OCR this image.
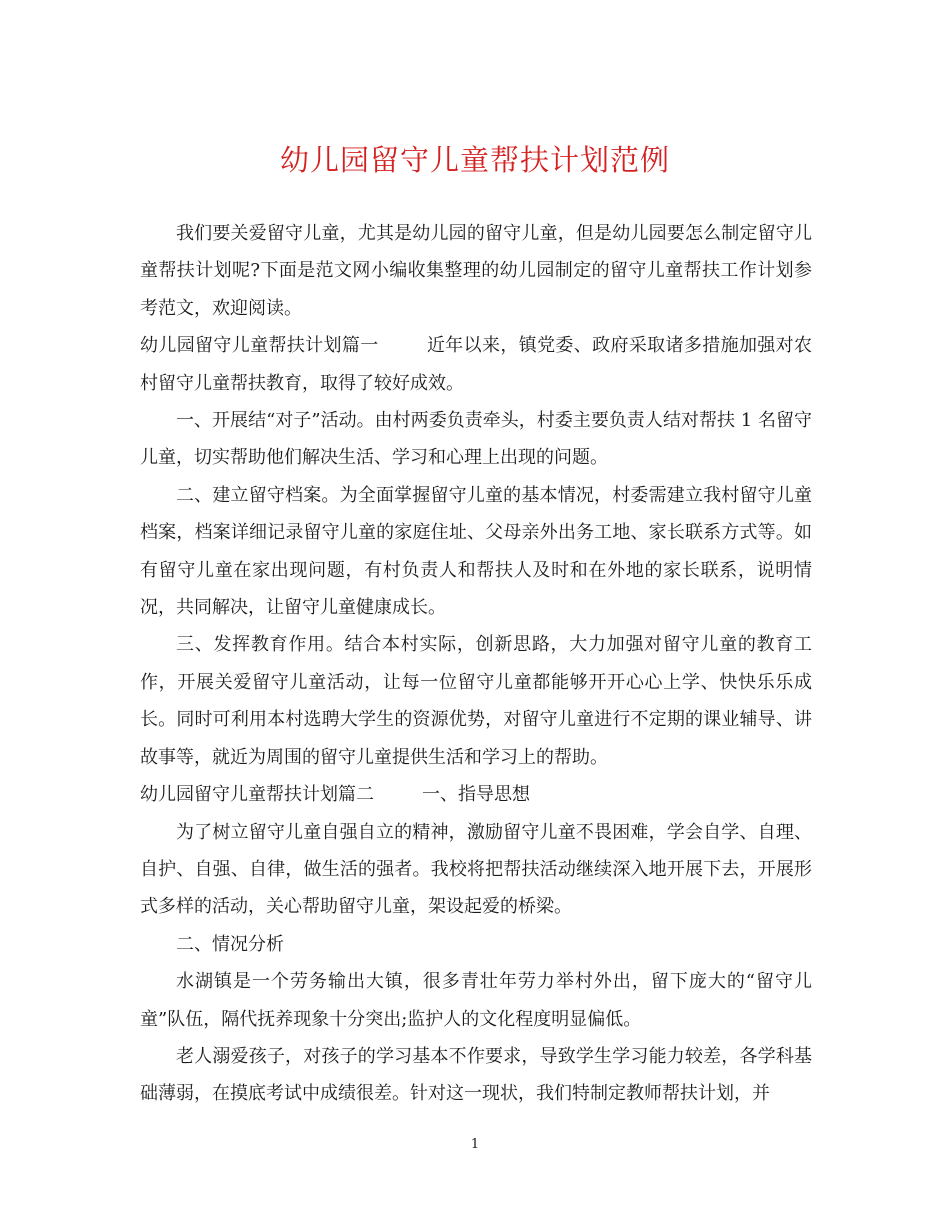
幼儿园留守儿童帮扶计划范例

我们要关爱留守儿童，尤其是幼儿园的留守儿童，但是幼儿园要怎么制定留守儿童帮扶计划呢?下面是范文网小编收集整理的幼儿园制定的留守儿童帮扶工作计划参考范文，欢迎阅读。

幼儿园留守儿童帮扶计划篇一	近年以来，镇党委、政府采取诸多措施加强对农村留守儿童帮扶教育，取得了较好成效。

一、开展结“对子”活动。由村两委负责牵头，村委主要负责人结对帮扶 1 名留守儿童，切实帮助他们解决生活、学习和心理上出现的问题。

二、建立留守档案。为全面掌握留守儿童的基本情况，村委需建立我村留守儿童档案，档案详细记录留守儿童的家庭住址、父母亲外出务工地、家长联系方式等。如有留守儿童在家出现问题，有村负责人和帮扶人及时和在外地的家长联系，说明情况，共同解决，让留守儿童健康成长。

三、发挥教育作用。结合本村实际，创新思路，大力加强对留守儿童的教育工作，开展关爱留守儿童活动，让每一位留守儿童都能够开开心心上学、快快乐乐成长。同时可利用本村选聘大学生的资源优势，对留守儿童进行不定期的课业辅导、讲故事等，就近为周围的留守儿童提供生活和学习上的帮助。

幼儿园留守儿童帮扶计划篇二	一、指导思想

为了树立留守儿童自强自立的精神，激励留守儿童不畏困难，学会自学、自理、自护、自强、自律，做生活的强者。我校将把帮扶活动继续深入地开展下去，开展形式多样的活动，关心帮助留守儿童，架设起爱的桥梁。

二、情况分析

水湖镇是一个劳务输出大镇，很多青壮年劳力举村外出，留下庞大的“留守儿童”队伍，隔代抚养现象十分突出;监护人的文化程度明显偏低。

老人溺爱孩子，对孩子的学习基本不作要求，导致学生学习能力较差，各学科基础薄弱，在摸底考试中成绩很差。针对这一现状，我们特制定教师帮扶计划，并

1
